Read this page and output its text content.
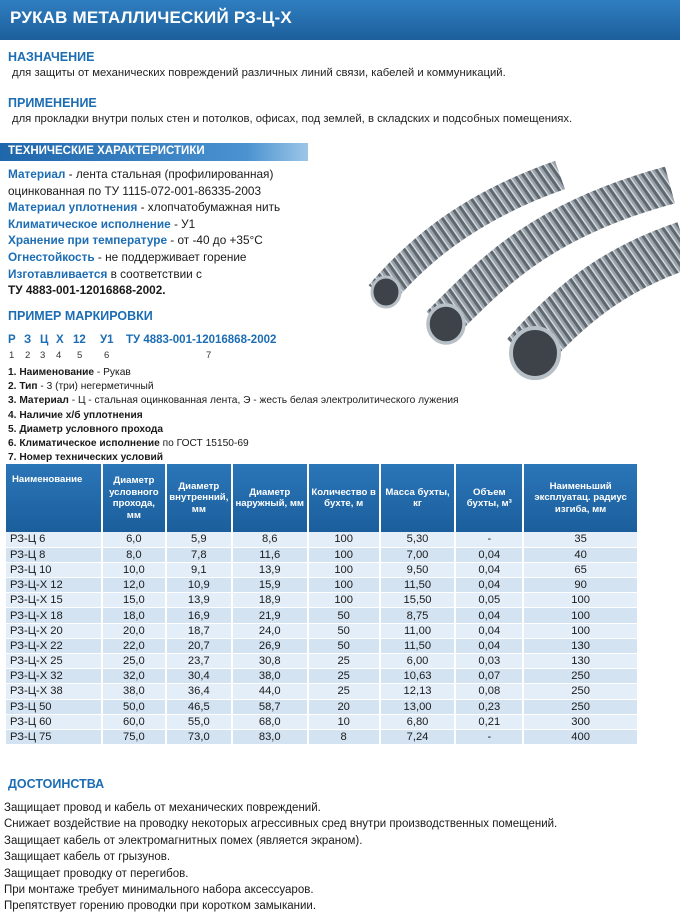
РУКАВ МЕТАЛЛИЧЕСКИЙ РЗ-Ц-Х
НАЗНАЧЕНИЕ
для защиты от механических повреждений различных линий связи, кабелей и коммуникаций.
ПРИМЕНЕНИЕ
для прокладки внутри полых стен и потолков, офисах, под землей, в складских и подсобных помещениях.
ТЕХНИЧЕСКИЕ ХАРАКТЕРИСТИКИ
Материал - лента стальная (профилированная)
оцинкованная по ТУ 1115-072-001-86335-2003
Материал уплотнения - хлопчатобумажная нить
Климатическое исполнение - У1
Хранение при температуре - от -40 до +35°С
Огнестойкость - не поддерживает горение
Изготавливается в соответствии с
ТУ 4883-001-12016868-2002.
ПРИМЕР МАРКИРОВКИ
Р З Ц Х 12 У1 ТУ 4883-001-12016868-2002
1 2 3 4 5 6	7
1. Наименование - Рукав
2. Тип - 3 (три) негерметичный
3. Материал - Ц - стальная оцинкованная лента, Э - жесть белая электролитического лужения
4. Наличие х/б уплотнения
5. Диаметр условного прохода
6. Климатическое исполнение по ГОСТ 15150-69
7. Номер технических условий
Наименование	Диаметр условного прохода, мм	Диаметр внутренний, мм	Диаметр наружный, мм	Количество в бухте, м	Масса бухты, кг	Объем бухты, м³	Наименьший эксплуатац. радиус изгиба, мм
РЗ-Ц 6	6,0	5,9	8,6	100	5,30	-	35
РЗ-Ц 8	8,0	7,8	11,6	100	7,00	0,04	40
РЗ-Ц 10	10,0	9,1	13,9	100	9,50	0,04	65
РЗ-Ц-Х 12	12,0	10,9	15,9	100	11,50	0,04	90
РЗ-Ц-Х 15	15,0	13,9	18,9	100	15,50	0,05	100
РЗ-Ц-Х 18	18,0	16,9	21,9	50	8,75	0,04	100
РЗ-Ц-Х 20	20,0	18,7	24,0	50	11,00	0,04	100
РЗ-Ц-Х 22	22,0	20,7	26,9	50	11,50	0,04	130
РЗ-Ц-Х 25	25,0	23,7	30,8	25	6,00	0,03	130
РЗ-Ц-Х 32	32,0	30,4	38,0	25	10,63	0,07	250
РЗ-Ц-Х 38	38,0	36,4	44,0	25	12,13	0,08	250
РЗ-Ц 50	50,0	46,5	58,7	20	13,00	0,23	250
РЗ-Ц 60	60,0	55,0	68,0	10	6,80	0,21	300
РЗ-Ц 75	75,0	73,0	83,0	8	7,24	-	400
ДОСТОИНСТВА
Защищает провод и кабель от механических повреждений.
Снижает воздействие на проводку некоторых агрессивных сред внутри производственных помещений.
Защищает кабель от электромагнитных помех (является экраном).
Защищает кабель от грызунов.
Защищает проводку от перегибов.
При монтаже требует минимального набора аксессуаров.
Препятствует горению проводки при коротком замыкании.
